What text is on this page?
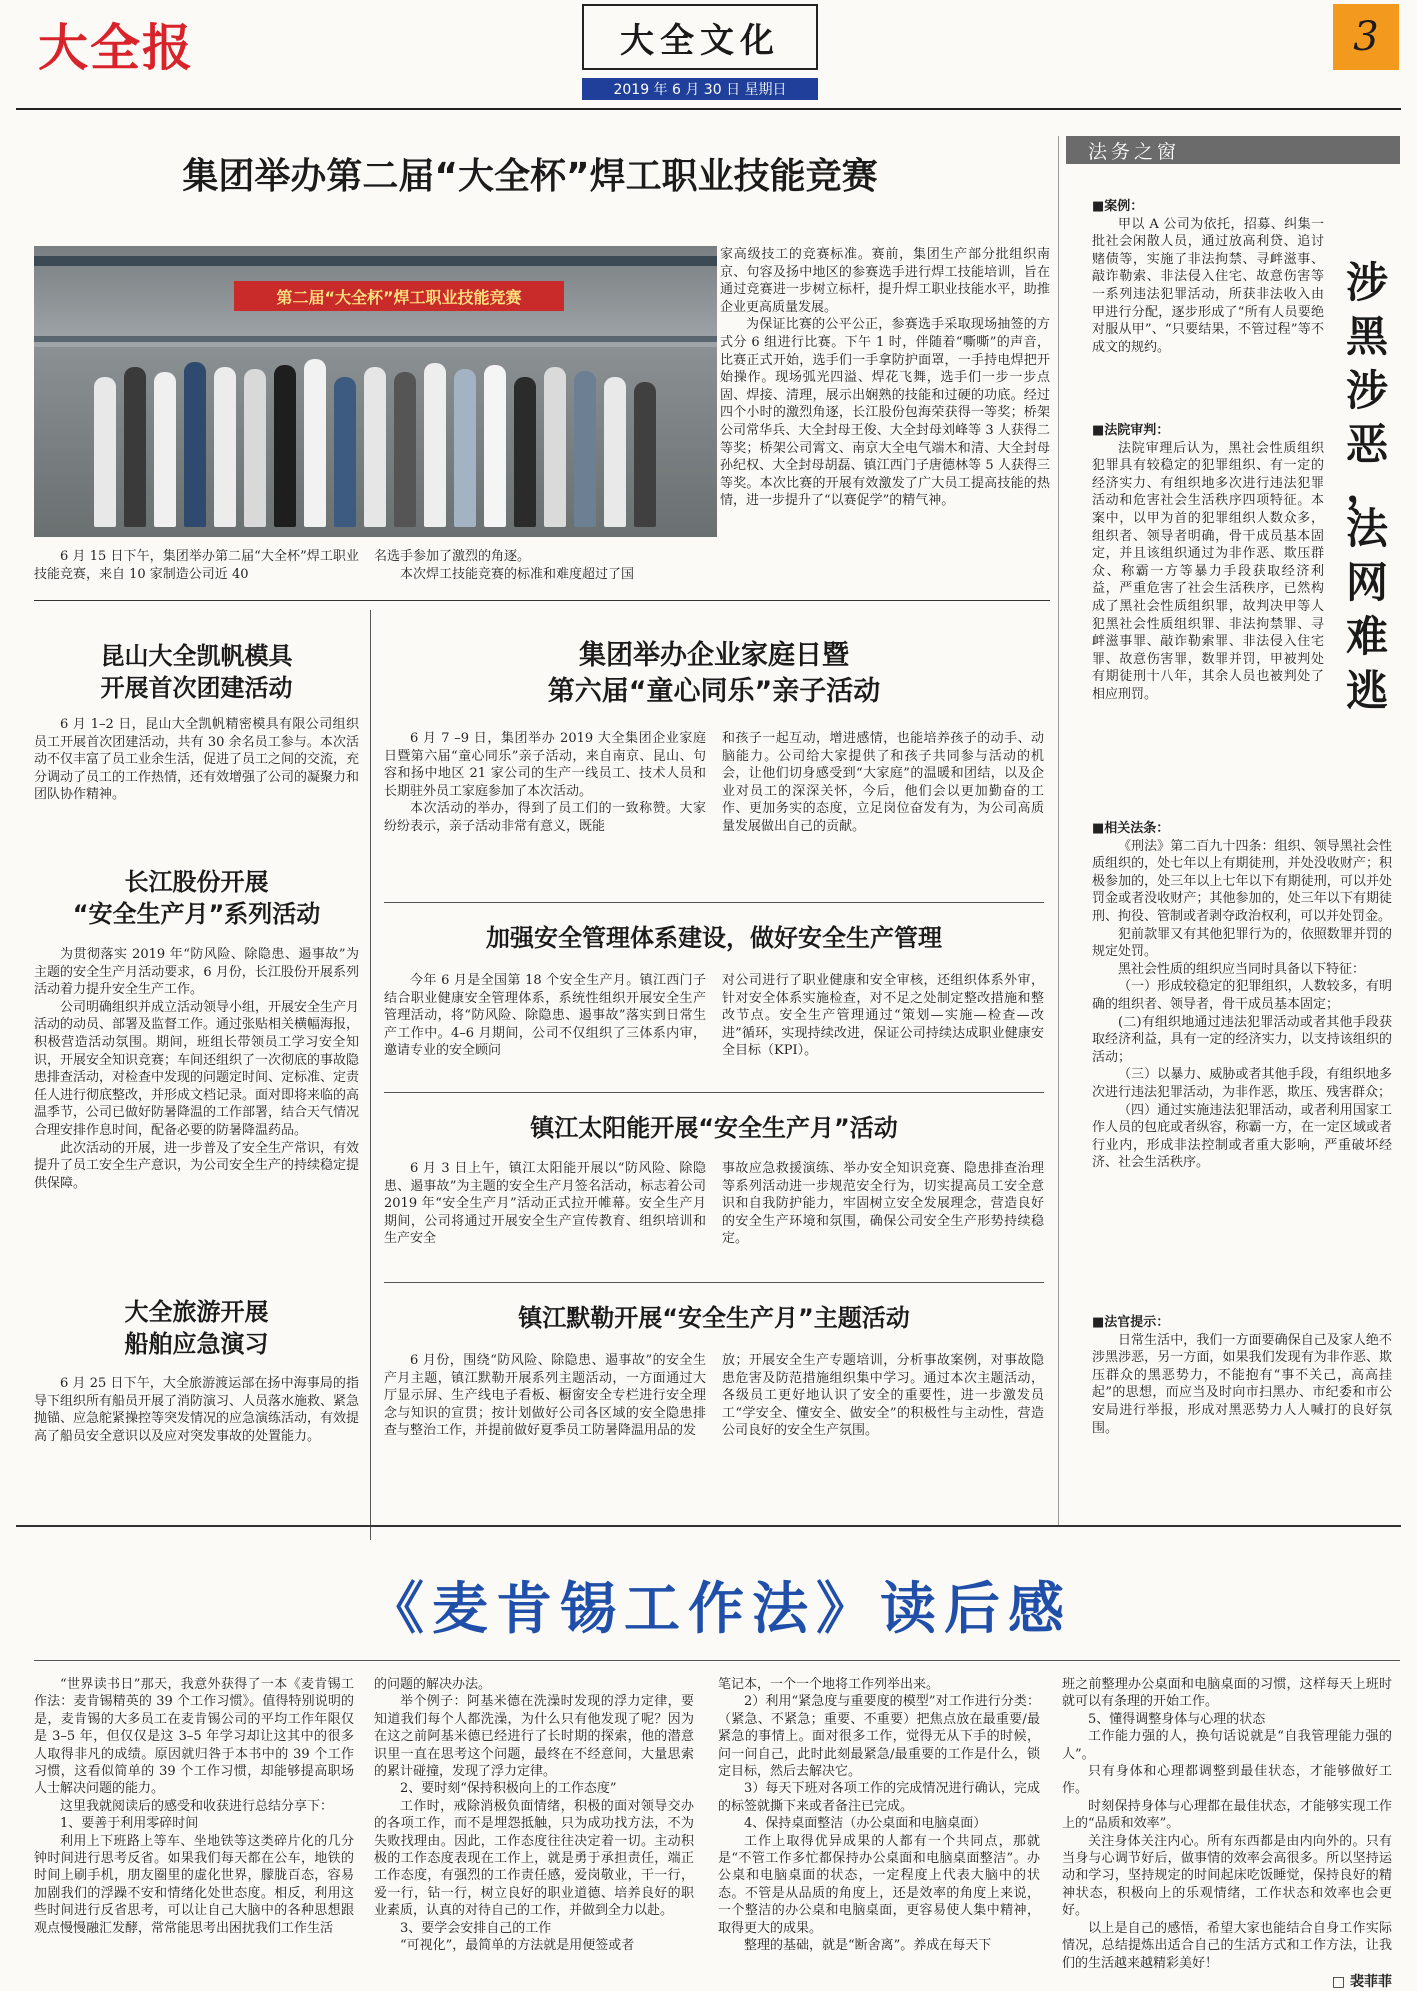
大全报	大全文化
2019 年 6 月 30 日 星期日
3
集团举办第二届“大全杯”焊工职业技能竞赛
第二届“大全杯”焊工职业技能竞赛

6 月 15 日下午，集团举办第二届“大全杯”焊工职业技能竞赛，来自 10 家制造公司近 40

名选手参加了激烈的角逐。

本次焊工技能竞赛的标准和难度超过了国

家高级技工的竞赛标准。赛前，集团生产部分批组织南京、句容及扬中地区的参赛选手进行焊工技能培训，旨在通过竞赛进一步树立标杆，提升焊工职业技能水平，助推企业更高质量发展。

为保证比赛的公平公正，参赛选手采取现场抽签的方式分 6 组进行比赛。下午 1 时，伴随着“嘶嘶”的声音，比赛正式开始，选手们一手拿防护面罩，一手持电焊把开始操作。现场弧光四溢、焊花飞舞，选手们一步一步点固、焊接、清理，展示出娴熟的技能和过硬的功底。经过四个小时的激烈角逐，长江股份包海荣获得一等奖；桥架公司常华兵、大全封母王俊、大全封母刘峰等 3 人获得二等奖；桥架公司霄文、南京大全电气端木和清、大全封母孙纪权、大全封母胡磊、镇江西门子唐德林等 5 人获得三等奖。本次比赛的开展有效激发了广大员工提高技能的热情，进一步提升了“以赛促学”的精气神。

昆山大全凯帆模具
开展首次团建活动

6 月 1–2 日，昆山大全凯帆精密模具有限公司组织员工开展首次团建活动，共有 30 余名员工参与。本次活动不仅丰富了员工业余生活，促进了员工之间的交流，充分调动了员工的工作热情，还有效增强了公司的凝聚力和团队协作精神。

长江股份开展
“安全生产月”系列活动

为贯彻落实 2019 年“防风险、除隐患、遏事故”为主题的安全生产月活动要求，6 月份，长江股份开展系列活动着力提升安全生产工作。

公司明确组织并成立活动领导小组，开展安全生产月活动的动员、部署及监督工作。通过张贴相关横幅海报，积极营造活动氛围。期间，班组长带领员工学习安全知识，开展安全知识竞赛；车间还组织了一次彻底的事故隐患排查活动，对检查中发现的问题定时间、定标准、定责任人进行彻底整改，并形成文档记录。面对即将来临的高温季节，公司已做好防暑降温的工作部署，结合天气情况合理安排作息时间，配备必要的防暑降温药品。

此次活动的开展，进一步普及了安全生产常识，有效提升了员工安全生产意识，为公司安全生产的持续稳定提供保障。

大全旅游开展
船舶应急演习

6 月 25 日下午，大全旅游渡运部在扬中海事局的指导下组织所有船员开展了消防演习、人员落水施救、紧急抛锚、应急舵紧操控等突发情况的应急演练活动，有效提高了船员安全意识以及应对突发事故的处置能力。

集团举办企业家庭日暨
第六届“童心同乐”亲子活动

6 月 7 –9 日，集团举办 2019 大全集团企业家庭日暨第六届“童心同乐”亲子活动，来自南京、昆山、句容和扬中地区 21 家公司的生产一线员工、技术人员和长期驻外员工家庭参加了本次活动。

本次活动的举办，得到了员工们的一致称赞。大家纷纷表示，亲子活动非常有意义，既能

和孩子一起互动，增进感情，也能培养孩子的动手、动脑能力。公司给大家提供了和孩子共同参与活动的机会，让他们切身感受到“大家庭”的温暖和团结，以及企业对员工的深深关怀，今后，他们会以更加勤奋的工作、更加务实的态度，立足岗位奋发有为，为公司高质量发展做出自己的贡献。

加强安全管理体系建设，做好安全生产管理

今年 6 月是全国第 18 个安全生产月。镇江西门子结合职业健康安全管理体系，系统性组织开展安全生产管理活动，将“防风险、除隐患、遏事故”落实到日常生产工作中。4–6 月期间，公司不仅组织了三体系内审，邀请专业的安全顾问

对公司进行了职业健康和安全审核，还组织体系外审，针对安全体系实施检查，对不足之处制定整改措施和整改节点。安全生产管理通过“策划—实施—检查—改进”循环，实现持续改进，保证公司持续达成职业健康安全目标（KPI）。

镇江太阳能开展“安全生产月”活动

6 月 3 日上午，镇江太阳能开展以“防风险、除隐患、遏事故”为主题的安全生产月签名活动，标志着公司 2019 年“安全生产月”活动正式拉开帷幕。安全生产月期间，公司将通过开展安全生产宣传教育、组织培训和生产安全

事故应急救援演练、举办安全知识竞赛、隐患排查治理等系列活动进一步规范安全行为，切实提高员工安全意识和自我防护能力，牢固树立安全发展理念，营造良好的安全生产环境和氛围，确保公司安全生产形势持续稳定。

镇江默勒开展“安全生产月”主题活动

6 月份，围绕“防风险、除隐患、遏事故”的安全生产月主题，镇江默勒开展系列主题活动，一方面通过大厅显示屏、生产线电子看板、橱窗安全专栏进行安全理念与知识的宣贯；按计划做好公司各区域的安全隐患排查与整治工作，并提前做好夏季员工防暑降温用品的发

放；开展安全生产专题培训，分析事故案例，对事故隐患危害及防范措施组织集中学习。通过本次主题活动，各级员工更好地认识了安全的重要性，进一步激发员工“学安全、懂安全、做安全”的积极性与主动性，营造公司良好的安全生产氛围。

法务之窗
涉
黑
涉
恶
，
法
网
难
逃
■案例：

甲以 A 公司为依托，招募、纠集一批社会闲散人员，通过放高利贷、追讨赌债等，实施了非法拘禁、寻衅滋事、敲诈勒索、非法侵入住宅、故意伤害等一系列违法犯罪活动，所获非法收入由甲进行分配，逐步形成了“所有人员要绝对服从甲”、“只要结果，不管过程”等不成文的规约。

■法院审判：

法院审理后认为，黑社会性质组织犯罪具有较稳定的犯罪组织、有一定的经济实力、有组织地多次进行违法犯罪活动和危害社会生活秩序四项特征。本案中，以甲为首的犯罪组织人数众多，组织者、领导者明确，骨干成员基本固定，并且该组织通过为非作恶、欺压群众、称霸一方等暴力手段获取经济利益，严重危害了社会生活秩序，已然构成了黑社会性质组织罪，故判决甲等人犯黑社会性质组织罪、非法拘禁罪、寻衅滋事罪、敲诈勒索罪、非法侵入住宅罪、故意伤害罪，数罪并罚，甲被判处有期徒刑十八年，其余人员也被判处了相应刑罚。

■相关法条：

《刑法》第二百九十四条：组织、领导黑社会性质组织的，处七年以上有期徒刑，并处没收财产；积极参加的，处三年以上七年以下有期徒刑，可以并处罚金或者没收财产；其他参加的，处三年以下有期徒刑、拘役、管制或者剥夺政治权利，可以并处罚金。

犯前款罪又有其他犯罪行为的，依照数罪并罚的规定处罚。

黑社会性质的组织应当同时具备以下特征：

（一）形成较稳定的犯罪组织，人数较多，有明确的组织者、领导者，骨干成员基本固定；

(二)有组织地通过违法犯罪活动或者其他手段获取经济利益，具有一定的经济实力，以支持该组织的活动；

（三）以暴力、威胁或者其他手段，有组织地多次进行违法犯罪活动，为非作恶，欺压、残害群众；

（四）通过实施违法犯罪活动，或者利用国家工作人员的包庇或者纵容，称霸一方，在一定区域或者行业内，形成非法控制或者重大影响，严重破坏经济、社会生活秩序。

■法官提示：

日常生活中，我们一方面要确保自己及家人绝不涉黑涉恶，另一方面，如果我们发现有为非作恶、欺压群众的黑恶势力，不能抱有“事不关己，高高挂起”的思想，而应当及时向市扫黑办、市纪委和市公安局进行举报，形成对黑恶势力人人喊打的良好氛围。

《麦肯锡工作法》读后感

“世界读书日”那天，我意外获得了一本《麦肯锡工作法：麦肯锡精英的 39 个工作习惯》。值得特别说明的是，麦肯锡的大多员工在麦肯锡公司的平均工作年限仅是 3–5 年，但仅仅是这 3–5 年学习却让这其中的很多人取得非凡的成绩。原因就归咎于本书中的 39 个工作习惯，这看似简单的 39 个工作习惯，却能够提高职场人士解决问题的能力。

这里我就阅读后的感受和收获进行总结分享下：

1、要善于利用零碎时间

利用上下班路上等车、坐地铁等这类碎片化的几分钟时间进行思考反省。如果我们每天都在公车，地铁的时间上刷手机，朋友圈里的虚化世界，朦胧百态，容易加剧我们的浮躁不安和情绪化处世态度。相反，利用这些时间进行反省思考，可以让自己大脑中的各种思想跟观点慢慢融汇发酵，常常能思考出困扰我们工作生活

的问题的解决办法。

举个例子：阿基米德在洗澡时发现的浮力定律，要知道我们每个人都洗澡，为什么只有他发现了呢？因为在这之前阿基米德已经进行了长时期的探索，他的潜意识里一直在思考这个问题，最终在不经意间，大量思索的累计碰撞，发现了浮力定律。

2、要时刻“保持积极向上的工作态度”

工作时，戒除消极负面情绪，积极的面对领导交办的各项工作，而不是埋怨抵触，只为成功找方法，不为失败找理由。因此，工作态度往往决定着一切。主动积极的工作态度表现在工作上，就是勇于承担责任，端正工作态度，有强烈的工作责任感，爱岗敬业，干一行，爱一行，钻一行，树立良好的职业道德、培养良好的职业素质，认真的对待自己的工作，并做到全力以赴。

3、要学会安排自己的工作

“可视化”，最简单的方法就是用便签或者

笔记本，一个一个地将工作列举出来。

2）利用“紧急度与重要度的模型”对工作进行分类：（紧急、不紧急；重要、不重要）把焦点放在最重要/最紧急的事情上。面对很多工作，觉得无从下手的时候，问一问自己，此时此刻最紧急/最重要的工作是什么，锁定目标，然后去解决它。

3）每天下班对各项工作的完成情况进行确认，完成的标签就撕下来或者备注已完成。

4、保持桌面整洁（办公桌面和电脑桌面）

工作上取得优异成果的人都有一个共同点，那就是“不管工作多忙都保持办公桌面和电脑桌面整洁”。办公桌和电脑桌面的状态，一定程度上代表大脑中的状态。不管是从品质的角度上，还是效率的角度上来说，一个整洁的办公桌和电脑桌面，更容易使人集中精神，取得更大的成果。

整理的基础，就是“断舍离”。养成在每天下

班之前整理办公桌面和电脑桌面的习惯，这样每天上班时就可以有条理的开始工作。

5、懂得调整身体与心理的状态

工作能力强的人，换句话说就是“自我管理能力强的人”。

只有身体和心理都调整到最佳状态，才能够做好工作。

时刻保持身体与心理都在最佳状态，才能够实现工作上的“品质和效率”。

关注身体关注内心。所有东西都是由内向外的。只有当身与心调节好后，做事情的效率会高很多。所以坚持运动和学习，坚持规定的时间起床吃饭睡觉，保持良好的精神状态，积极向上的乐观情绪，工作状态和效率也会更好。

以上是自己的感悟，希望大家也能结合自身工作实际情况，总结提炼出适合自己的生活方式和工作方法，让我们的生活越来越精彩美好！

□ 裴菲菲
